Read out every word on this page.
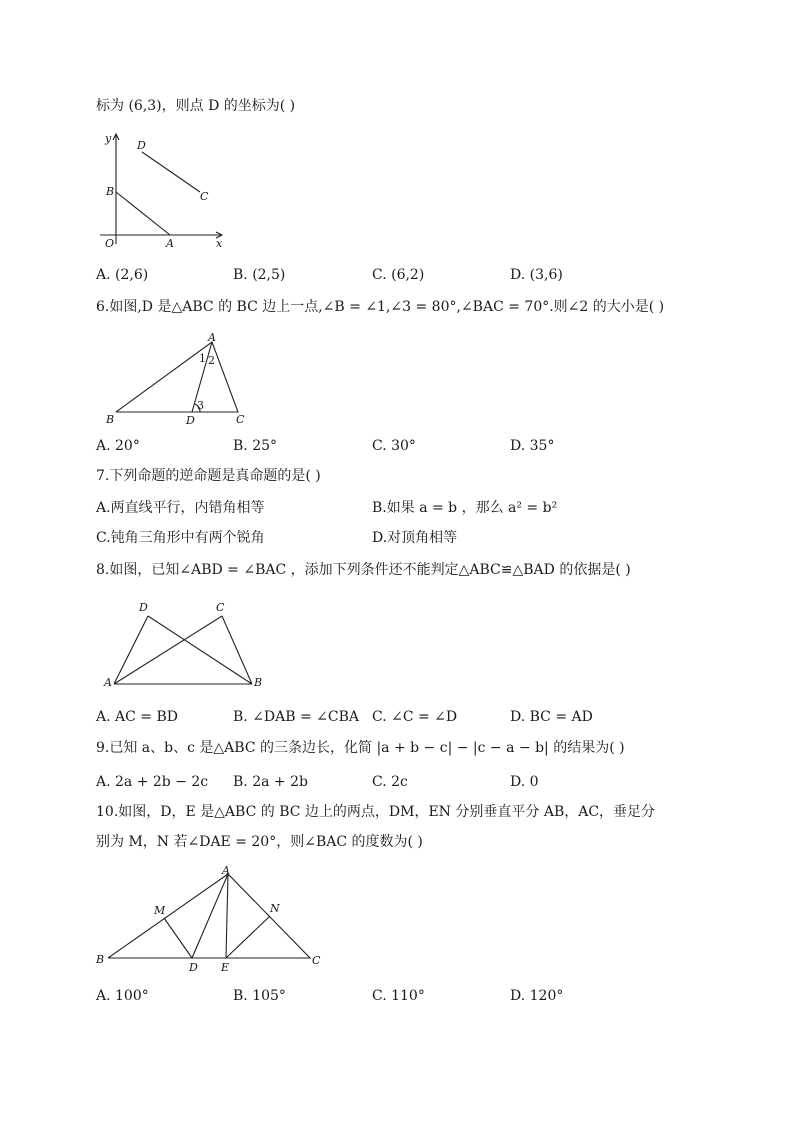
标为 (6,3)，则点 D 的坐标为( )
y
x
O	A
B	C
D
A. (2,6)	B. (2,5)	C. (6,2)	D. (3,6)
6.如图,D 是△ABC 的 BC 边上一点,∠B = ∠1,∠3 = 80°,∠BAC = 70°.则∠2 的大小是( )
A
B	C
D
1 2
3
A. 20°	B. 25°	C. 30°	D. 35°
7.下列命题的逆命题是真命题的是( )
A.两直线平行，内错角相等	B.如果 a = b ，那么 a² = b²
C.钝角三角形中有两个锐角	D.对顶角相等
8.如图，已知∠ABD = ∠BAC ，添加下列条件还不能判定△ABC≌△BAD 的依据是( )
A	B
C
D
A. AC = BD	B. ∠DAB = ∠CBA C. ∠C = ∠D	D. BC = AD
9.已知 a、b、c 是△ABC 的三条边长，化简 |a + b − c| − |c − a − b| 的结果为( )
A. 2a + 2b − 2c B. 2a + 2b	C. 2c	D. 0
10.如图，D，E 是△ABC 的 BC 边上的两点，DM，EN 分别垂直平分 AB，AC，垂足分
别为 M，N 若∠DAE = 20°，则∠BAC 的度数为( )
A
B	C
D E
M	N
A. 100°	B. 105°	C. 110°	D. 120°
